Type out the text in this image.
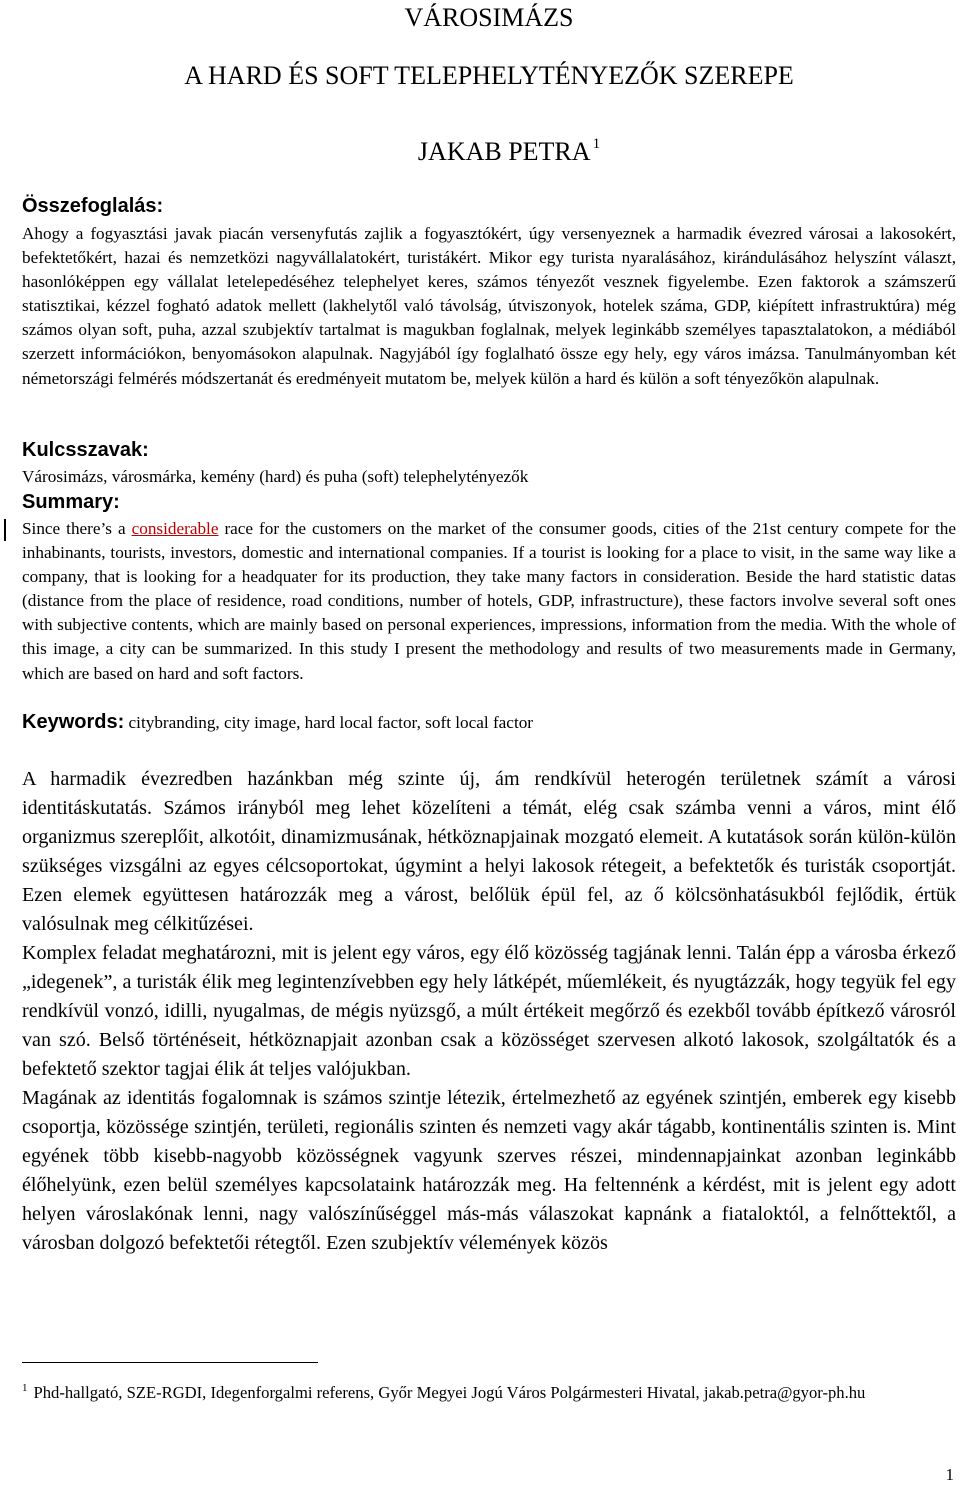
VÁROSIMÁZS
A HARD ÉS SOFT TELEPHELYTÉNYEZŐK SZEREPE
JAKAB PETRA $^1$
Összefoglalás:
Ahogy a fogyasztási javak piacán versenyfutás zajlik a fogyasztókért, úgy versenyeznek a harmadik évezred városai a lakosokért, befektetőkért, hazai és nemzetközi nagyvállalatokért, turistákért. Mikor egy turista nyaralásához, kirándulásához helyszínt választ, hasonlóképpen egy vállalat letelepedéséhez telephelyet keres, számos tényezőt vesznek figyelembe. Ezen faktorok a számszerű statisztikai, kézzel fogható adatok mellett (lakhelytől való távolság, útviszonyok, hotelek száma, GDP, kiépített infrastruktúra) még számos olyan soft, puha, azzal szubjektív tartalmat is magukban foglalnak, melyek leginkább személyes tapasztalatokon, a médiából szerzett információkon, benyomásokon alapulnak. Nagyjából így foglalható össze egy hely, egy város imázsa. Tanulmányomban két németországi felmérés módszertanát és eredményeit mutatom be, melyek külön a hard és külön a soft tényezőkön alapulnak.
Kulcsszavak:
Városimázs, városmárka, kemény (hard) és puha (soft) telephelytényezők
Summary:
Since there’s a considerable race for the customers on the market of the consumer goods, cities of the 21st century compete for the inhabinants, tourists, investors, domestic and international companies. If a tourist is looking for a place to visit, in the same way like a company, that is looking for a headquater for its production, they take many factors in consideration. Beside the hard statistic datas (distance from the place of residence, road conditions, number of hotels, GDP, infrastructure), these factors involve several soft ones with subjective contents, which are mainly based on personal experiences, impressions, information from the media. With the whole of this image, a city can be summarized. In this study I present the methodology and results of two measurements made in Germany, which are based on hard and soft factors.
Keywords: citybranding, city image, hard local factor, soft local factor

A harmadik évezredben hazánkban még szinte új, ám rendkívül heterogén területnek számít a városi identitáskutatás. Számos irányból meg lehet közelíteni a témát, elég csak számba venni a város, mint élő organizmus szereplőit, alkotóit, dinamizmusának, hétköznapjainak mozgató elemeit. A kutatások során külön-külön szükséges vizsgálni az egyes célcsoportokat, úgymint a helyi lakosok rétegeit, a befektetők és turisták csoportját. Ezen elemek együttesen határozzák meg a várost, belőlük épül fel, az ő kölcsönhatásukból fejlődik, értük valósulnak meg célkitűzései.

Komplex feladat meghatározni, mit is jelent egy város, egy élő közösség tagjának lenni. Talán épp a városba érkező „idegenek”, a turisták élik meg legintenzívebben egy hely látképét, műemlékeit, és nyugtázzák, hogy tegyük fel egy rendkívül vonzó, idilli, nyugalmas, de mégis nyüzsgő, a múlt értékeit megőrző és ezekből tovább építkező városról van szó. Belső történéseit, hétköznapjait azonban csak a közösséget szervesen alkotó lakosok, szolgáltatók és a befektető szektor tagjai élik át teljes valójukban.

Magának az identitás fogalomnak is számos szintje létezik, értelmezhető az egyének szintjén, emberek egy kisebb csoportja, közössége szintjén, területi, regionális szinten és nemzeti vagy akár tágabb, kontinentális szinten is. Mint egyének több kisebb-nagyobb közösségnek vagyunk szerves részei, mindennapjainkat azonban leginkább élőhelyünk, ezen belül személyes kapcsolataink határozzák meg. Ha feltennénk a kérdést, mit is jelent egy adott helyen városlakónak lenni, nagy valószínűséggel más-más válaszokat kapnánk a fiataloktól, a felnőttektől, a városban dolgozó befektetői rétegtől. Ezen szubjektív vélemények közös

$^1$ Phd-hallgató, SZE-RGDI, Idegenforgalmi referens, Győr Megyei Jogú Város Polgármesteri Hivatal, jakab.petra@gyor-ph.hu
1
